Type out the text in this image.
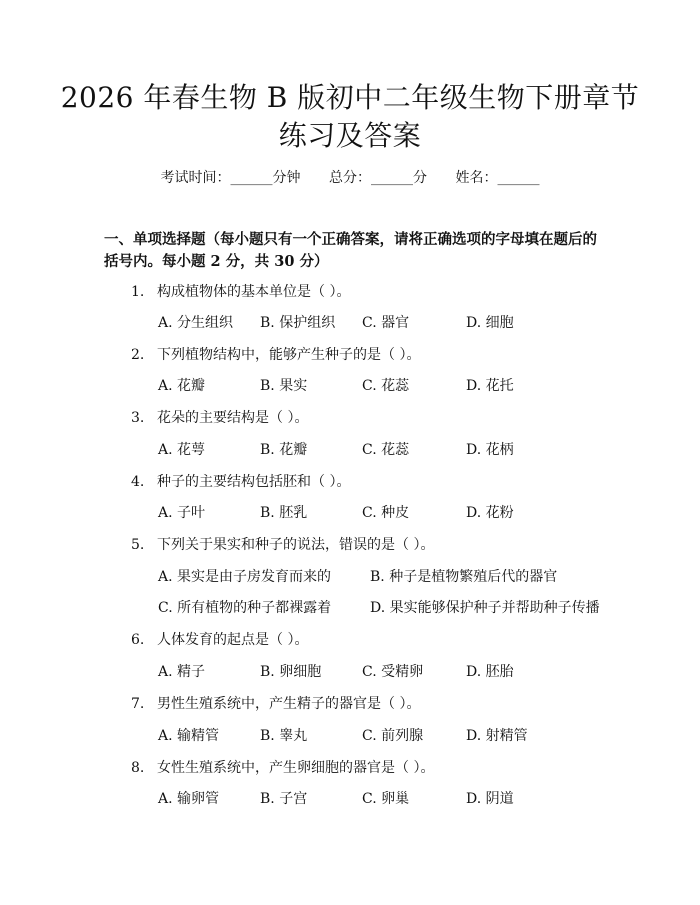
2026 年春生物 B 版初中二年级生物下册章节
练习及答案
考试时间：______分钟 总分：______分 姓名：______
一、单项选择题（每小题只有一个正确答案，请将正确选项的字母填在题后的括号内。每小题 2 分，共 30 分）
1. 构成植物体的基本单位是（ ）。
A. 分生组织 B. 保护组织 C. 器官	D. 细胞
2. 下列植物结构中，能够产生种子的是（ ）。
A. 花瓣	B. 果实	C. 花蕊	D. 花托
3. 花朵的主要结构是（ ）。
A. 花萼	B. 花瓣	C. 花蕊	D. 花柄
4. 种子的主要结构包括胚和（ ）。
A. 子叶	B. 胚乳	C. 种皮	D. 花粉
5. 下列关于果实和种子的说法，错误的是（ ）。
A. 果实是由子房发育而来的	B. 种子是植物繁殖后代的器官
C. 所有植物的种子都裸露着	D. 果实能够保护种子并帮助种子传播
6. 人体发育的起点是（ ）。
A. 精子	B. 卵细胞	C. 受精卵	D. 胚胎
7. 男性生殖系统中，产生精子的器官是（ ）。
A. 输精管	B. 睾丸	C. 前列腺	D. 射精管
8. 女性生殖系统中，产生卵细胞的器官是（ ）。
A. 输卵管	B. 子宫	C. 卵巢	D. 阴道
